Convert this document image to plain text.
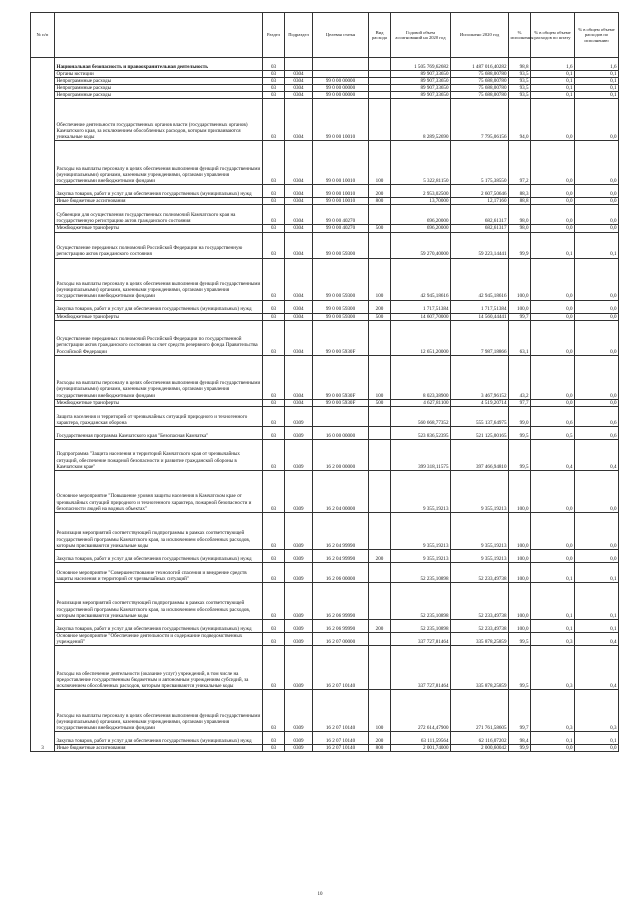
№ п/п		Раздел	Подраздел	Целевая статья	Вид расхода	Годовой объем ассигнований на 2020 год	Исполнено 2020 год	% исполнения	% в общем объеме расходов по штату	% в общем объеме расходов по исполнению
3	Национальная безопасность и правоохранительная деятельность	03				1 505 769,62682	1 487 016,40282	98,8	1,6	1,6
	Органы юстиции	03	0304			89 907,33650	75 688,00780	93,5	0,1	0,1
	Непрограммные расходы	03	0304	99 0 00 00000		89 907,33650	75 688,00780	93,5	0,1	0,1
	Непрограммные расходы	03	0304	99 0 00 00000		89 907,33650	75 688,00780	93,5	0,1	0,1
	Непрограммные расходы	03	0304	99 0 00 00000		89 907,33650	75 688,00780	93,5	0,1	0,1
	Обеспечение деятельности государственных органов власти (государственных органов) Камчатского края, за исключением обособленных расходов, которым присваиваются уникальные коды	03	0304	99 0 00 10010		8 289,52690	7 795,06156	94,0	0,0	0,0
	Расходы на выплаты персоналу в целях обеспечения выполнения функций государственными (муниципальными) органами, казенными учреждениями, органами управления государственными внебюджетными фондами	03	0304	99 0 00 10010	100	5 322,81150	5 175,38550	97,2	0,0	0,0
	Закупка товаров, работ и услуг для обеспечения государственных (муниципальных) нужд	03	0304	99 0 00 10010	200	2 953,02500	2 607,50646	88,3	0,0	0,0
	Иные бюджетные ассигнования	03	0304	99 0 00 10010	800	13,70000	12,17160	88,8	0,0	0,0
	Субвенции для осуществления государственных полномочий Камчатского края на государственную регистрацию актов гражданского состояния	03	0304	99 0 00 40270		696,20000	682,61317	98,0	0,0	0,0
	Межбюджетные трансферты	03	0304	99 0 00 40270	500	696,20000	682,61317	98,0	0,0	0,0
	Осуществление переданных полномочий Российской Федерации на государственную регистрацию актов гражданского состояния	03	0304	99 0 00 59300		59 270,40000	59 223,14441	99,9	0,1	0,1
	Расходы на выплаты персоналу в целях обеспечения выполнения функций государственными (муниципальными) органами, казенными учреждениями, органами управления государственными внебюджетными фондами	03	0304	99 0 00 59300	100	42 945,18616	42 945,18616	100,0	0,0	0,0
	Закупка товаров, работ и услуг для обеспечения государственных (муниципальных) нужд	03	0304	99 0 00 59300	200	1 717,51384	1 717,51384	100,0	0,0	0,0
	Межбюджетные трансферты	03	0304	99 0 00 59300	500	14 607,70000	14 560,44441	99,7	0,0	0,0
	Осуществление переданных полномочий Российской Федерации по государственной регистрации актов гражданского состояния за счет средств резервного фонда Правительства Российской Федерации	03	0304	99 0 00 5930F		12 651,20000	7 987,18866	63,1	0,0	0,0
	Расходы на выплаты персоналу в целях обеспечения выполнения функций государственными (муниципальными) органами, казенными учреждениями, органами управления государственными внебюджетными фондами	03	0304	99 0 00 5930F	100	8 023,38900	3 467,96152	43,2	0,0	0,0
	Межбюджетные трансферты	03	0304	99 0 00 5930F	500	4 627,81100	4 519,20714	97,7	0,0	0,0
	Защита населения и территорий от чрезвычайных ситуаций природного и техногенного характера, гражданская оборона	03	0309			560 668,77352	555 137,64975	99,0	0,6	0,6
	Государственная программа Камчатского края "Безопасная Камчатка"	03	0309	16 0 00 00000		523 836,52395	521 125,00165	99,5	0,5	0,6
	Подпрограмма "Защита населения и территорий Камчатского края от чрезвычайных ситуаций, обеспечение пожарной безопасности и развитие гражданской обороны в Камчатском крае"	03	0309	16 2 00 00000		399 318,11575	397 466,94810	99,5	0,4	0,4
	Основное мероприятие "Повышение уровня защиты населения в Камчатском крае от чрезвычайных ситуаций природного и техногенного характера, пожарной безопасности и безопасности людей на водных объектах"	03	0309	16 2 04 00000		9 355,19213	9 355,19213	100,0	0,0	0,0
	Реализация мероприятий соответствующей подпрограммы в рамках соответствующей государственной программы Камчатского края, за исключением обособленных расходов, которым присваиваются уникальные коды	03	0309	16 2 04 99990		9 355,19213	9 355,19213	100,0	0,0	0,0
	Закупка товаров, работ и услуг для обеспечения государственных (муниципальных) нужд	03	0309	16 2 04 99990	200	9 355,19213	9 355,19213	100,0	0,0	0,0
	Основное мероприятие "Совершенствование технологий спасения и внедрение средств защиты населения и территорий от чрезвычайных ситуаций"	03	0309	16 2 06 00000		52 235,10898	52 233,49738	100,0	0,1	0,1
	Реализация мероприятий соответствующей подпрограммы в рамках соответствующей государственной программы Камчатского края, за исключением обособленных расходов, которым присваиваются уникальные коды	03	0309	16 2 06 99990		52 235,10898	52 233,49738	100,0	0,1	0,1
	Закупка товаров, работ и услуг для обеспечения государственных (муниципальных) нужд	03	0309	16 2 06 99990	200	52 235,10898	52 233,49738	100,0	0,1	0,1
	Основное мероприятие "Обеспечение деятельности и содержание подведомственных учреждений"	03	0309	16 2 07 00000		337 727,81464	335 878,25859	99,5	0,3	0,4
	Расходы на обеспечение деятельности (оказание услуг) учреждений, в том числе на предоставление государственным бюджетным и автономным учреждениям субсидий, за исключением обособленных расходов, которым присваиваются уникальные коды	03	0309	16 2 07 10140		337 727,81464	335 878,25859	99,5	0,3	0,4
	Расходы на выплаты персоналу в целях обеспечения выполнения функций государственными (муниципальными) органами, казенными учреждениями, органами управления государственными внебюджетными фондами	03	0309	16 2 07 10140	100	272 614,47900	271 761,58605	99,7	0,3	0,3
	Закупка товаров, работ и услуг для обеспечения государственных (муниципальных) нужд	03	0309	16 2 07 10140	200	63 111,59564	62 116,07202	98,4	0,1	0,1
	Иные бюджетные ассигнования	03	0309	16 2 07 10140	800	2 001,74000	2 000,60042	99,9	0,0	0,0
10
